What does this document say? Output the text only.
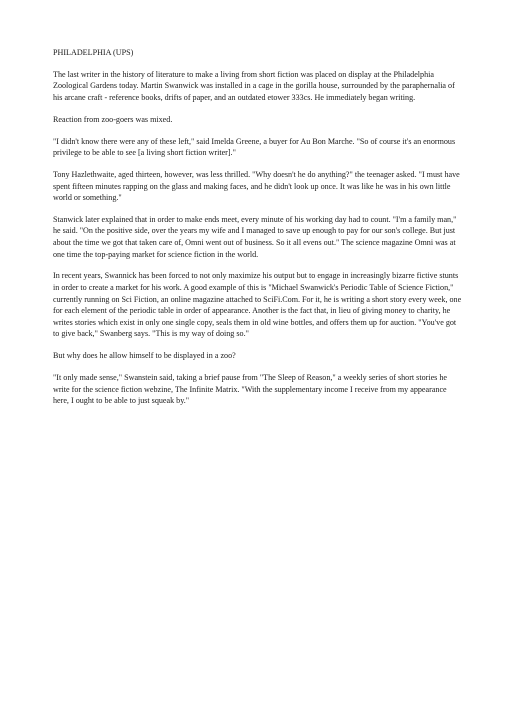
PHILADELPHIA (UPS)

The last writer in the history of literature to make a living from short fiction was placed on display at the Philadelphia Zoological Gardens today. Martin Swanwick was installed in a cage in the gorilla house, surrounded by the paraphernalia of his arcane craft - reference books, drifts of paper, and an outdated etower 333cs. He immediately began writing.

Reaction from zoo-goers was mixed.

"I didn't know there were any of these left," said Imelda Greene, a buyer for Au Bon Marche. "So of course it's an enormous privilege to be able to see [a living short fiction writer]."

Tony Hazlethwaite, aged thirteen, however, was less thrilled. "Why doesn't he do anything?" the teenager asked. "I must have spent fifteen minutes rapping on the glass and making faces, and he didn't look up once. It was like he was in his own little world or something."

Stanwick later explained that in order to make ends meet, every minute of his working day had to count. "I'm a family man," he said. "On the positive side, over the years my wife and I managed to save up enough to pay for our son's college. But just about the time we got that taken care of, Omni went out of business. So it all evens out." The science magazine Omni was at one time the top-paying market for science fiction in the world.

In recent years, Swannick has been forced to not only maximize his output but to engage in increasingly bizarre fictive stunts in order to create a market for his work. A good example of this is "Michael Swanwick's Periodic Table of Science Fiction," currently running on Sci Fiction, an online magazine attached to SciFi.Com. For it, he is writing a short story every week, one for each element of the periodic table in order of appearance. Another is the fact that, in lieu of giving money to charity, he writes stories which exist in only one single copy, seals them in old wine bottles, and offers them up for auction. "You've got to give back," Swanberg says. "This is my way of doing so."

But why does he allow himself to be displayed in a zoo?

"It only made sense," Swanstein said, taking a brief pause from "The Sleep of Reason," a weekly series of short stories he write for the science fiction webzine, The Infinite Matrix. "With the supplementary income I receive from my appearance here, I ought to be able to just squeak by."
